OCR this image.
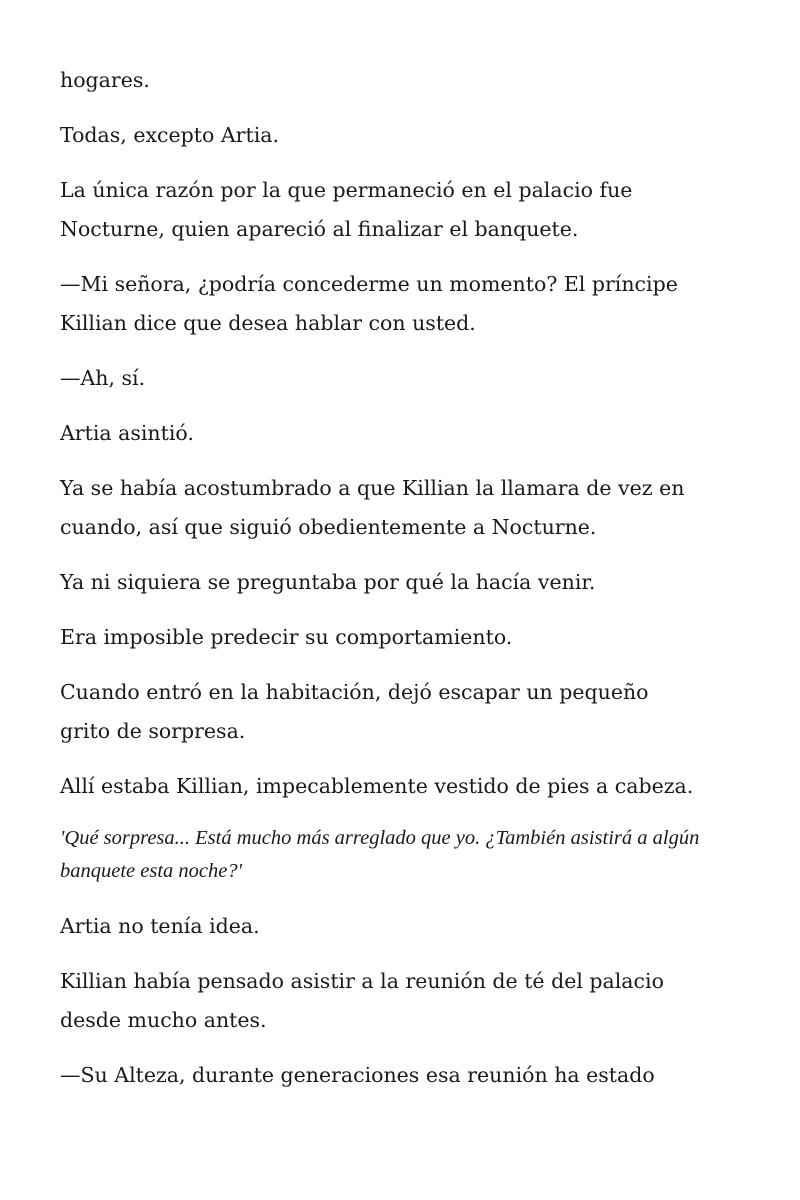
hogares.

Todas, excepto Artia.

La única razón por la que permaneció en el palacio fue
Nocturne, quien apareció al finalizar el banquete.

—Mi señora, ¿podría concederme un momento? El príncipe
Killian dice que desea hablar con usted.

—Ah, sí.

Artia asintió.

Ya se había acostumbrado a que Killian la llamara de vez en
cuando, así que siguió obedientemente a Nocturne.

Ya ni siquiera se preguntaba por qué la hacía venir.

Era imposible predecir su comportamiento.

Cuando entró en la habitación, dejó escapar un pequeño
grito de sorpresa.

Allí estaba Killian, impecablemente vestido de pies a cabeza.

'Qué sorpresa... Está mucho más arreglado que yo. ¿También asistirá a algún
banquete esta noche?'

Artia no tenía idea.

Killian había pensado asistir a la reunión de té del palacio
desde mucho antes.

—Su Alteza, durante generaciones esa reunión ha estado
